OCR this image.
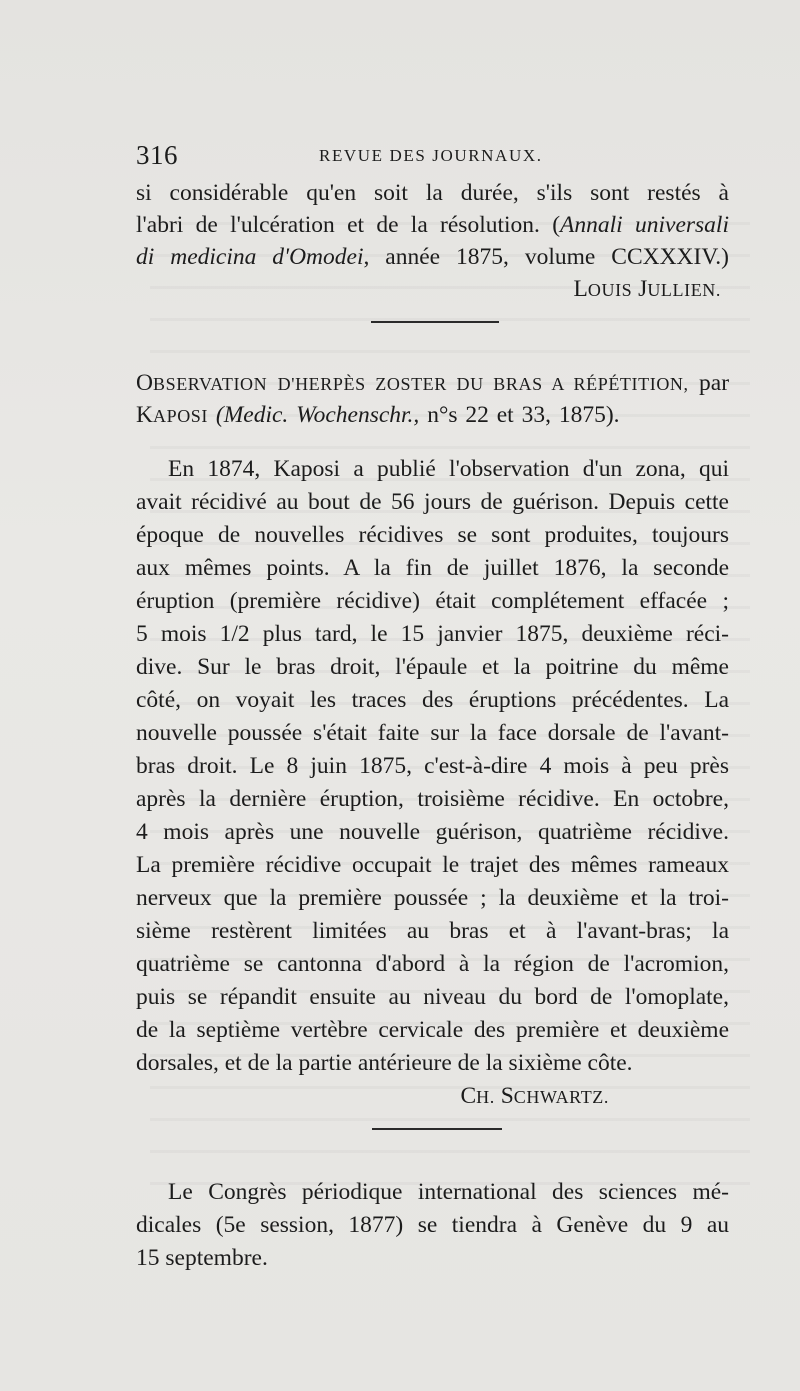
316	REVUE DES JOURNAUX.
si considérable qu'en soit la durée, s'ils sont restés à
l'abri de l'ulcération et de la résolution. (Annali universali
di medicina d'Omodei, année 1875, volume CCXXXIV.)
LOUIS JULLIEN.
OBSERVATION D'HERPÈS ZOSTER DU BRAS A RÉPÉTITION, par
KAPOSI (Medic. Wochenschr., n°s 22 et 33, 1875).
En 1874, Kaposi a publié l'observation d'un zona, qui
avait récidivé au bout de 56 jours de guérison. Depuis cette
époque de nouvelles récidives se sont produites, toujours
aux mêmes points. A la fin de juillet 1876, la seconde
éruption (première récidive) était complétement effacée ;
5 mois 1/2 plus tard, le 15 janvier 1875, deuxième réci-
dive. Sur le bras droit, l'épaule et la poitrine du même
côté, on voyait les traces des éruptions précédentes. La
nouvelle poussée s'était faite sur la face dorsale de l'avant-
bras droit. Le 8 juin 1875, c'est-à-dire 4 mois à peu près
après la dernière éruption, troisième récidive. En octobre,
4 mois après une nouvelle guérison, quatrième récidive.
La première récidive occupait le trajet des mêmes rameaux
nerveux que la première poussée ; la deuxième et la troi-
sième restèrent limitées au bras et à l'avant-bras; la
quatrième se cantonna d'abord à la région de l'acromion,
puis se répandit ensuite au niveau du bord de l'omoplate,
de la septième vertèbre cervicale des première et deuxième
dorsales, et de la partie antérieure de la sixième côte.
CH. SCHWARTZ.
Le Congrès périodique international des sciences mé-
dicales (5e session, 1877) se tiendra à Genève du 9 au
15 septembre.
